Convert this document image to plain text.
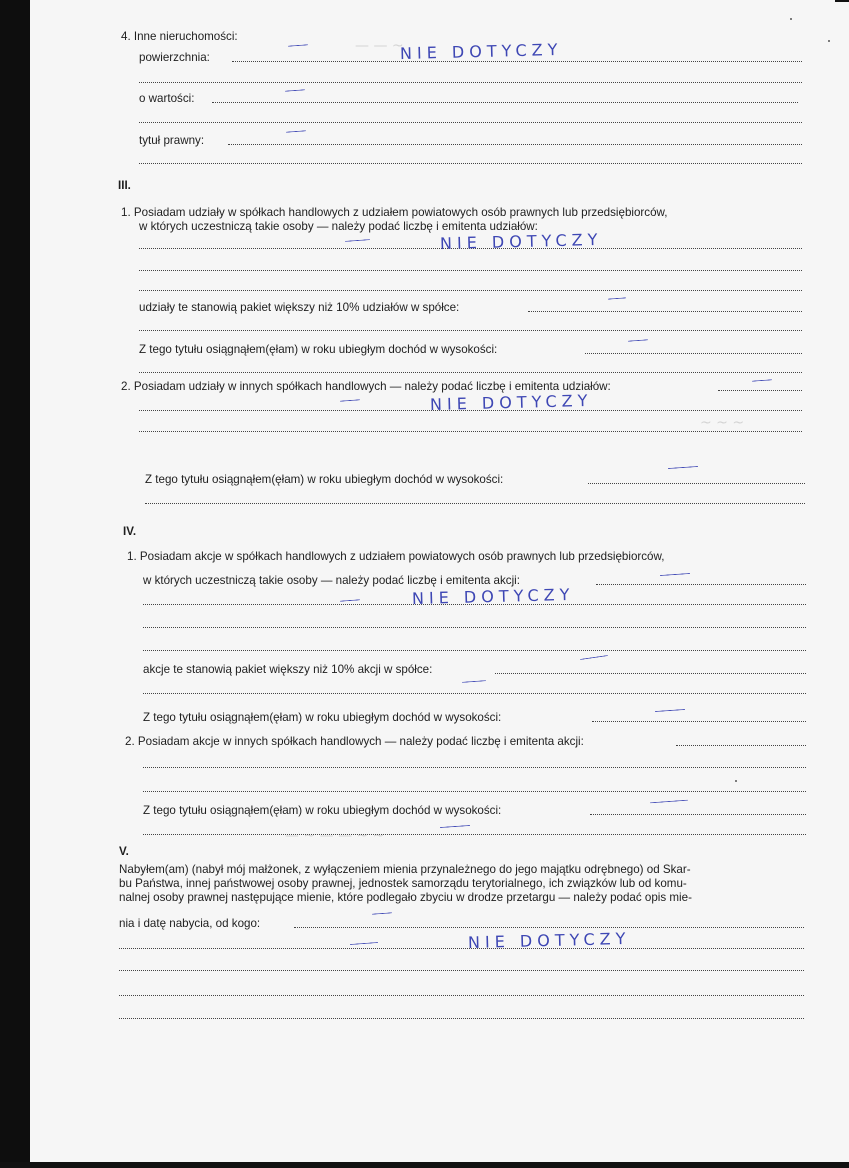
— — ~
~ ~ ~
— ~ — — ~ ~
4. Inne nieruchomości:
powierzchnia:	NIE DOTYCZY
o wartości:
tytuł prawny:
III.
1. Posiadam udziały w spółkach handlowych z udziałem powiatowych osób prawnych lub przedsiębiorców,
w których uczestniczą takie osoby — należy podać liczbę i emitenta udziałów:
NIE DOTYCZY
udziały te stanowią pakiet większy niż 10% udziałów w spółce:
Z tego tytułu osiągnąłem(ęłam) w roku ubiegłym dochód w wysokości:
2. Posiadam udziały w innych spółkach handlowych — należy podać liczbę i emitenta udziałów:
NIE DOTYCZY
Z tego tytułu osiągnąłem(ęłam) w roku ubiegłym dochód w wysokości:
IV.
1. Posiadam akcje w spółkach handlowych z udziałem powiatowych osób prawnych lub przedsiębiorców,
w których uczestniczą takie osoby — należy podać liczbę i emitenta akcji:
NIE DOTYCZY
akcje te stanowią pakiet większy niż 10% akcji w spółce:
Z tego tytułu osiągnąłem(ęłam) w roku ubiegłym dochód w wysokości:
2. Posiadam akcje w innych spółkach handlowych — należy podać liczbę i emitenta akcji:
Z tego tytułu osiągnąłem(ęłam) w roku ubiegłym dochód w wysokości:
V.
Nabyłem(am) (nabył mój małżonek, z wyłączeniem mienia przynależnego do jego majątku odrębnego) od Skar-
bu Państwa, innej państwowej osoby prawnej, jednostek samorządu terytorialnego, ich związków lub od komu-
nalnej osoby prawnej następujące mienie, które podlegało zbyciu w drodze przetargu — należy podać opis mie-
nia i datę nabycia, od kogo:
NIE DOTYCZY
